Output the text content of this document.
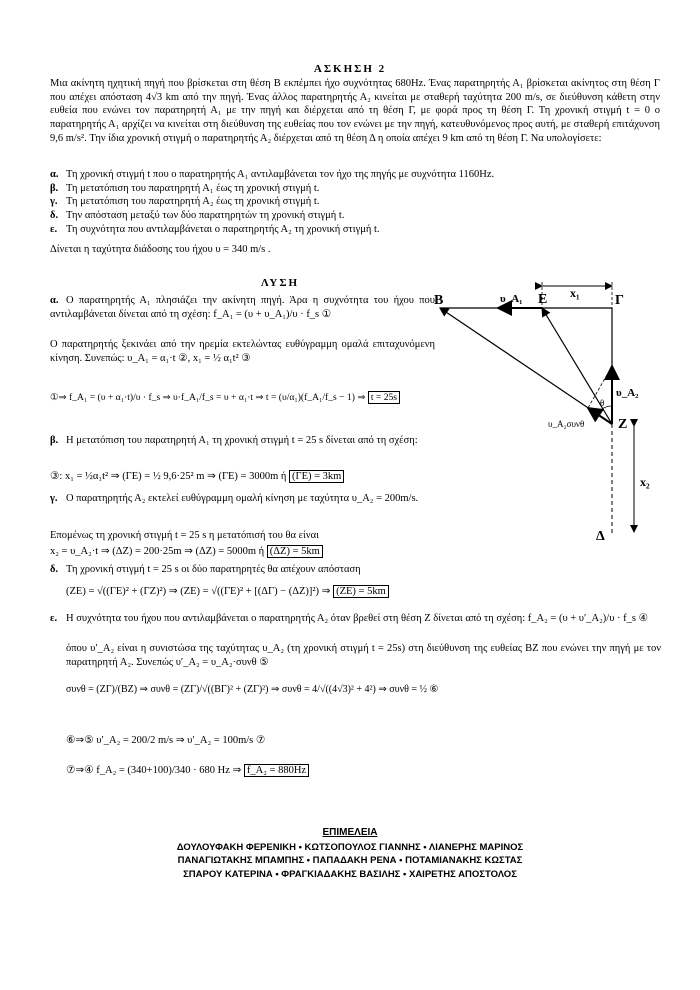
ΑΣΚΗΣΗ 2
Μια ακίνητη ηχητική πηγή που βρίσκεται στη θέση Β εκπέμπει ήχο συχνότητας 680Hz. Ένας παρατηρητής Α₁ βρίσκεται ακίνητος στη θέση Γ που απέχει απόσταση 4√3 km από την πηγή. Ένας άλλος παρατηρητής Α₂ κινείται με σταθερή ταχύτητα 200 m/s, σε διεύθυνση κάθετη στην ευθεία που ενώνει τον παρατηρητή Α₁ με την πηγή και διέρχεται από τη θέση Γ, με φορά προς τη θέση Γ. Τη χρονική στιγμή t = 0 ο παρατηρητής Α₁ αρχίζει να κινείται στη διεύθυνση της ευθείας που τον ενώνει με την πηγή, κατευθυνόμενος προς αυτή, με σταθερή επιτάχυνση 9,6 m/s². Την ίδια χρονική στιγμή ο παρατηρητής Α₂ διέρχεται από τη θέση Δ η οποία απέχει 9 km από τη θέση Γ. Να υπολογίσετε:
α. Τη χρονική στιγμή t που ο παρατηρητής Α₁ αντιλαμβάνεται τον ήχο της πηγής με συχνότητα 1160Hz.
β. Τη μετατόπιση του παρατηρητή Α₁ έως τη χρονική στιγμή t.
γ. Τη μετατόπιση του παρατηρητή Α₂ έως τη χρονική στιγμή t.
δ. Την απόσταση μεταξύ των δύο παρατηρητών τη χρονική στιγμή t.
ε. Τη συχνότητα που αντιλαμβάνεται ο παρατηρητής Α₂ τη χρονική στιγμή t.
Δίνεται η ταχύτητα διάδοσης του ήχου υ = 340 m/s .
ΛΥΣΗ
α. Ο παρατηρητής Α₁ πλησιάζει την ακίνητη πηγή. Άρα η συχνότητα του ήχου που αντιλαμβάνεται δίνεται από τη σχέση: f_A₁ = (υ + υ_A₁)/υ · f_s ①
Ο παρατηρητής ξεκινάει από την ηρεμία εκτελώντας ευθύγραμμη ομαλά επιταχυνόμενη κίνηση. Συνεπώς: υ_A₁ = α₁·t ②, x₁ = ½ α₁t² ③
①⇒ f_A₁ = (υ + α₁·t)/υ · f_s ⇒ υ·f_A₁/f_s = υ + α₁·t ⇒ t = (υ/α₁)(f_A₁/f_s − 1) ⇒ t = 25s
β. Η μετατόπιση του παρατηρητή Α₁ τη χρονική στιγμή t = 25 s δίνεται από τη σχέση:
③: x₁ = ½α₁t² ⇒ (ΓΕ) = ½ 9,6·25² m ⇒ (ΓΕ) = 3000m ή (ΓΕ) = 3km
γ. Ο παρατηρητής Α₂ εκτελεί ευθύγραμμη ομαλή κίνηση με ταχύτητα υ_A₂ = 200m/s.
Επομένως τη χρονική στιγμή t = 25 s η μετατόπισή του θα είναι
x₂ = υ_A₂·t ⇒ (ΔΖ) = 200·25m ⇒ (ΔΖ) = 5000m ή (ΔΖ) = 5km
δ. Τη χρονική στιγμή t = 25 s οι δύο παρατηρητές θα απέχουν απόσταση
(ΖΕ) = √((ΓΕ)² + (ΓΖ)²) ⇒ (ΖΕ) = √((ΓΕ)² + [(ΔΓ) − (ΔΖ)]²) ⇒ (ΖΕ) = 5km
ε. Η συχνότητα του ήχου που αντιλαμβάνεται ο παρατηρητής Α₂ όταν βρεθεί στη θέση Ζ δίνεται από τη σχέση: f_A₂ = (υ + υ′_A₂)/υ · f_s ④
όπου υ′_A₂ είναι η συνιστώσα της ταχύτητας υ_A₂ (τη χρονική στιγμή t = 25s) στη διεύθυνση της ευθείας ΒΖ που ενώνει την πηγή με τον παρατηρητή Α₂. Συνεπώς υ′_A₂ = υ_A₂·συνθ ⑤
συνθ = (ΖΓ)/(ΒΖ) ⇒ συνθ = (ΖΓ)/√((ΒΓ)² + (ΖΓ)²) ⇒ συνθ = 4/√((4√3)² + 4²) ⇒ συνθ = ½ ⑥
⑥⇒⑤ υ′_A₂ = 200/2 m/s ⇒ υ′_A₂ = 100m/s ⑦
⑦⇒④ f_A₂ = (340+100)/340 · 680 Hz ⇒ f_A₂ = 880Hz
Β	Ε	Γ
Ζ
Δ
x₁
x₂
υ_A₁
υ_A₂
υ_A₂συνθ
θ
ΕΠΙΜΕΛΕΙΑ
ΔΟΥΛΟΥΦΑΚΗ ΦΕΡΕΝΙΚΗ • ΚΩΤΣΟΠΟΥΛΟΣ ΓΙΑΝΝΗΣ • ΛΙΑΝΕΡΗΣ ΜΑΡΙΝΟΣ
ΠΑΝΑΓΙΩΤΑΚΗΣ ΜΠΑΜΠΗΣ • ΠΑΠΑΔΑΚΗ ΡΕΝΑ • ΠΟΤΑΜΙΑΝΑΚΗΣ ΚΩΣΤΑΣ
ΣΠΑΡΟΥ ΚΑΤΕΡΙΝΑ • ΦΡΑΓΚΙΑΔΑΚΗΣ ΒΑΣΙΛΗΣ • ΧΑΙΡΕΤΗΣ ΑΠΟΣΤΟΛΟΣ
